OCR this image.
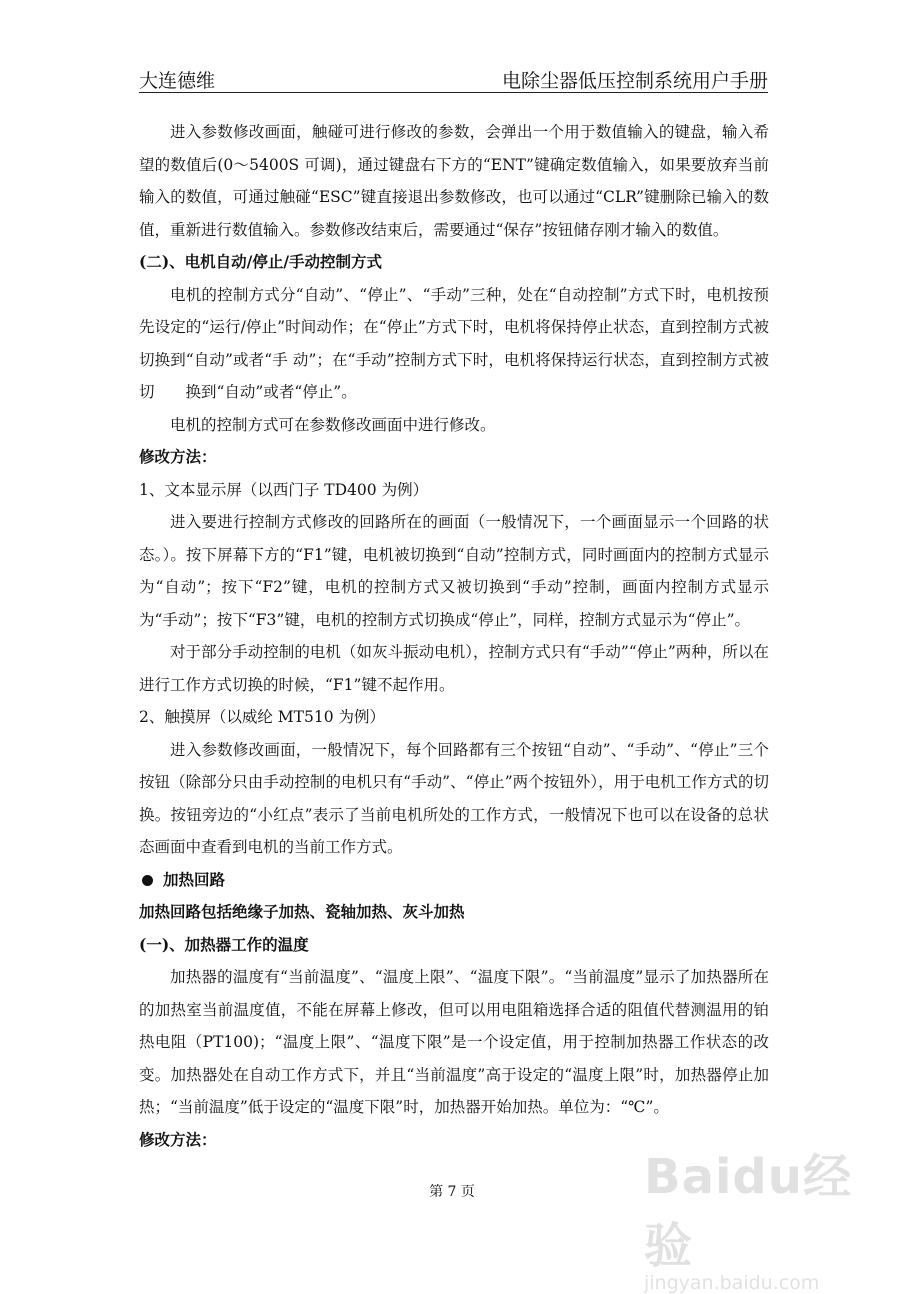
大连德维	电除尘器低压控制系统用户手册

进入参数修改画面，触碰可进行修改的参数，会弹出一个用于数值输入的键盘，输入希望的数值后(0～5400S 可调)，通过键盘右下方的“ENT”键确定数值输入，如果要放弃当前输入的数值，可通过触碰“ESC”键直接退出参数修改，也可以通过“CLR”键删除已输入的数值，重新进行数值输入。参数修改结束后，需要通过“保存”按钮储存刚才输入的数值。

(二)、电机自动/停止/手动控制方式

电机的控制方式分“自动”、“停止”、“手动”三种，处在“自动控制”方式下时，电机按预先设定的“运行/停止”时间动作；在“停止”方式下时，电机将保持停止状态，直到控制方式被切换到“自动”或者“手 动”；在“手动”控制方式下时，电机将保持运行状态，直到控制方式被切　　换到“自动”或者“停止”。

电机的控制方式可在参数修改画面中进行修改。

修改方法：

1、文本显示屏（以西门子 TD400 为例）

进入要进行控制方式修改的回路所在的画面（一般情况下，一个画面显示一个回路的状态。）。按下屏幕下方的“F1”键，电机被切换到“自动”控制方式，同时画面内的控制方式显示为“自动”；按下“F2”键，电机的控制方式又被切换到“手动”控制，画面内控制方式显示为“手动”；按下“F3”键，电机的控制方式切换成“停止”，同样，控制方式显示为“停止”。

对于部分手动控制的电机（如灰斗振动电机），控制方式只有“手动”“停止”两种，所以在进行工作方式切换的时候，“F1”键不起作用。

2、触摸屏（以威纶 MT510 为例）

进入参数修改画面，一般情况下，每个回路都有三个按钮“自动”、“手动”、“停止”三个按钮（除部分只由手动控制的电机只有“手动”、“停止”两个按钮外），用于电机工作方式的切换。按钮旁边的“小红点”表示了当前电机所处的工作方式，一般情况下也可以在设备的总状态画面中查看到电机的当前工作方式。

加热回路

加热回路包括绝缘子加热、瓷轴加热、灰斗加热

(一)、加热器工作的温度

加热器的温度有“当前温度”、“温度上限”、“温度下限”。“当前温度”显示了加热器所在的加热室当前温度值，不能在屏幕上修改，但可以用电阻箱选择合适的阻值代替测温用的铂热电阻（PT100)；“温度上限”、“温度下限”是一个设定值，用于控制加热器工作状态的改变。加热器处在自动工作方式下，并且“当前温度”高于设定的“温度上限”时，加热器停止加热；“当前温度”低于设定的“温度下限”时，加热器开始加热。单位为：“℃”。

修改方法：

第 7 页	Baidu经验
jingyan.baidu.com
